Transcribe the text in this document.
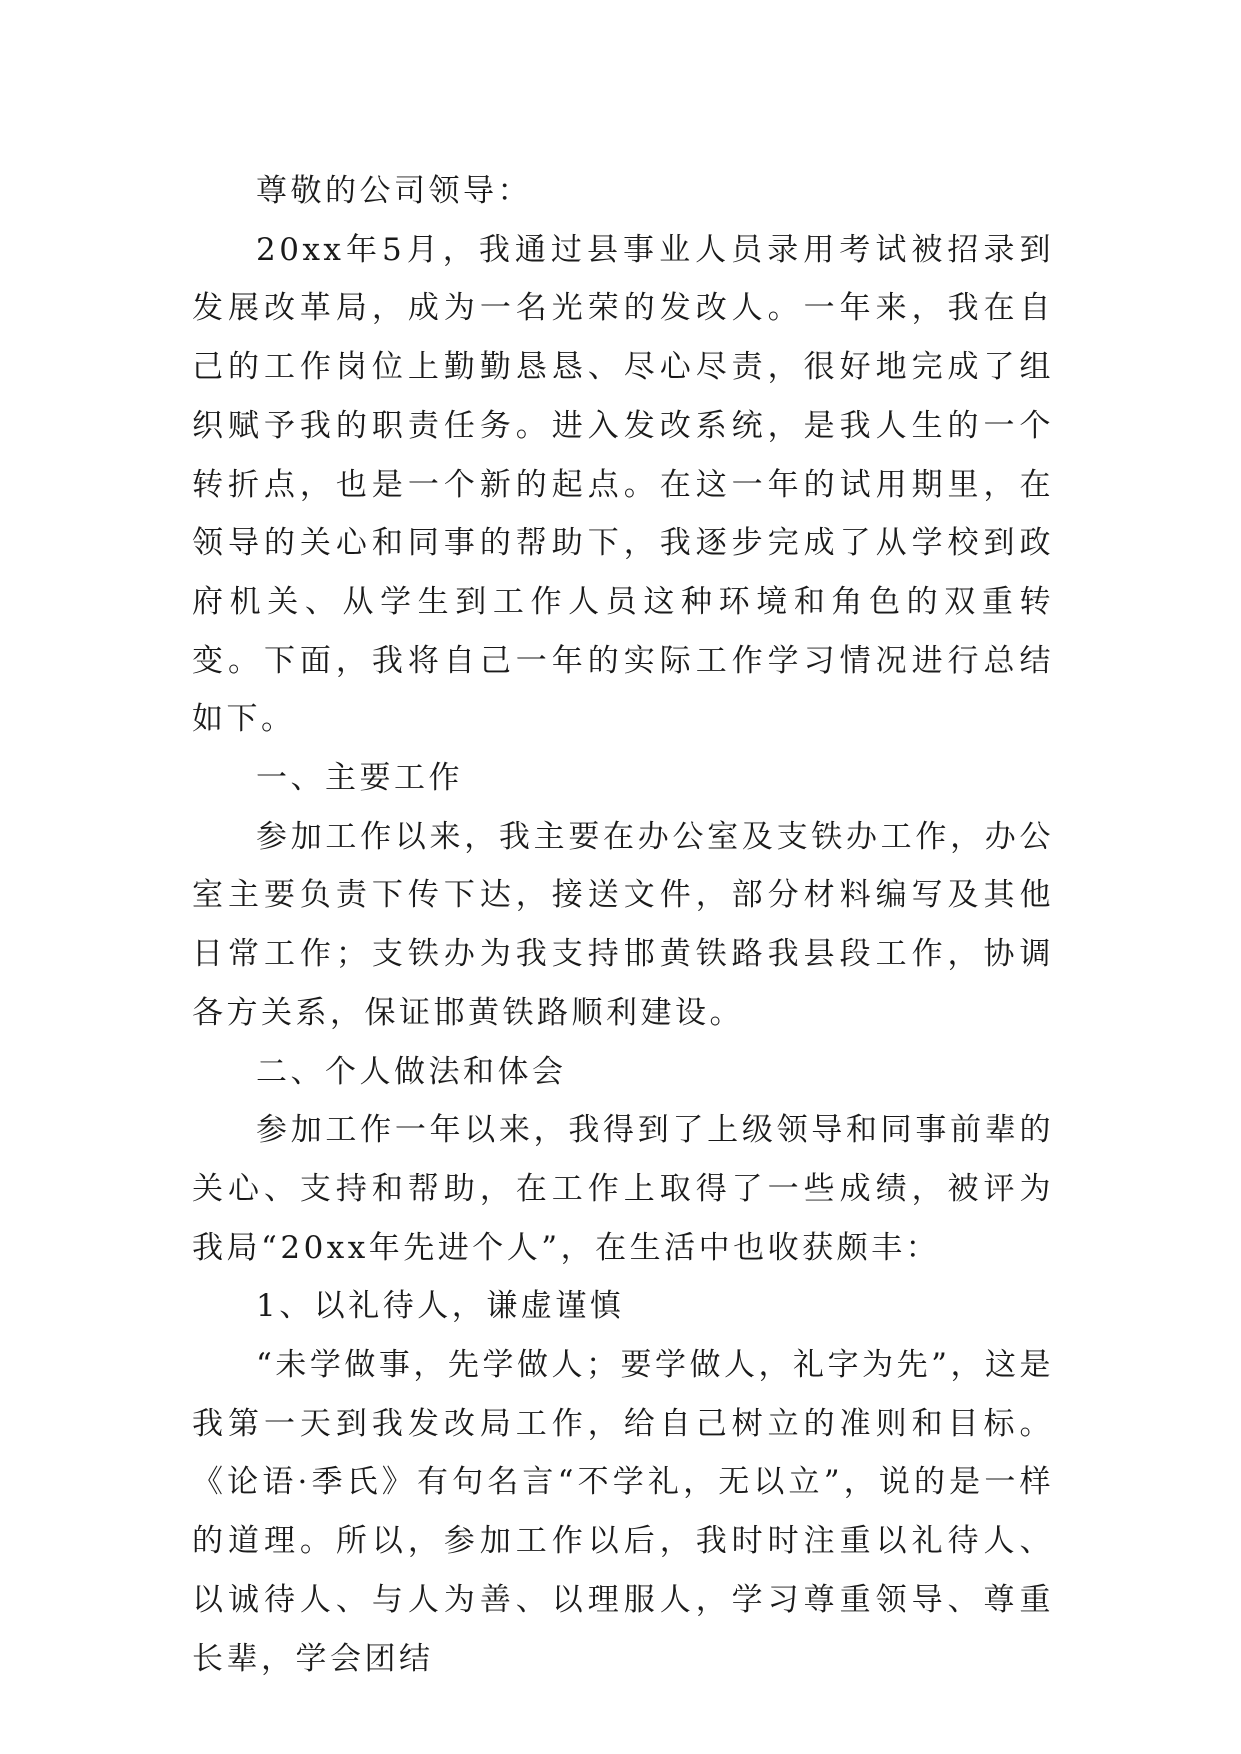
尊敬的公司领导：

20xx年5月，我通过县事业人员录用考试被招录到发展改革局，成为一名光荣的发改人。一年来，我在自己的工作岗位上勤勤恳恳、尽心尽责，很好地完成了组织赋予我的职责任务。进入发改系统，是我人生的一个转折点，也是一个新的起点。在这一年的试用期里，在领导的关心和同事的帮助下，我逐步完成了从学校到政府机关、从学生到工作人员这种环境和角色的双重转变。下面，我将自己一年的实际工作学习情况进行总结如下。

一、主要工作

参加工作以来，我主要在办公室及支铁办工作，办公室主要负责下传下达，接送文件，部分材料编写及其他日常工作；支铁办为我支持邯黄铁路我县段工作，协调各方关系，保证邯黄铁路顺利建设。

二、个人做法和体会

参加工作一年以来，我得到了上级领导和同事前辈的关心、支持和帮助，在工作上取得了一些成绩，被评为我局“20xx年先进个人”，在生活中也收获颇丰：

1、以礼待人，谦虚谨慎

“未学做事，先学做人；要学做人，礼字为先”，这是我第一天到我发改局工作，给自己树立的准则和目标。《论语·季氏》有句名言“不学礼，无以立”，说的是一样的道理。所以，参加工作以后，我时时注重以礼待人、以诚待人、与人为善、以理服人，学习尊重领导、尊重长辈，学会团结
